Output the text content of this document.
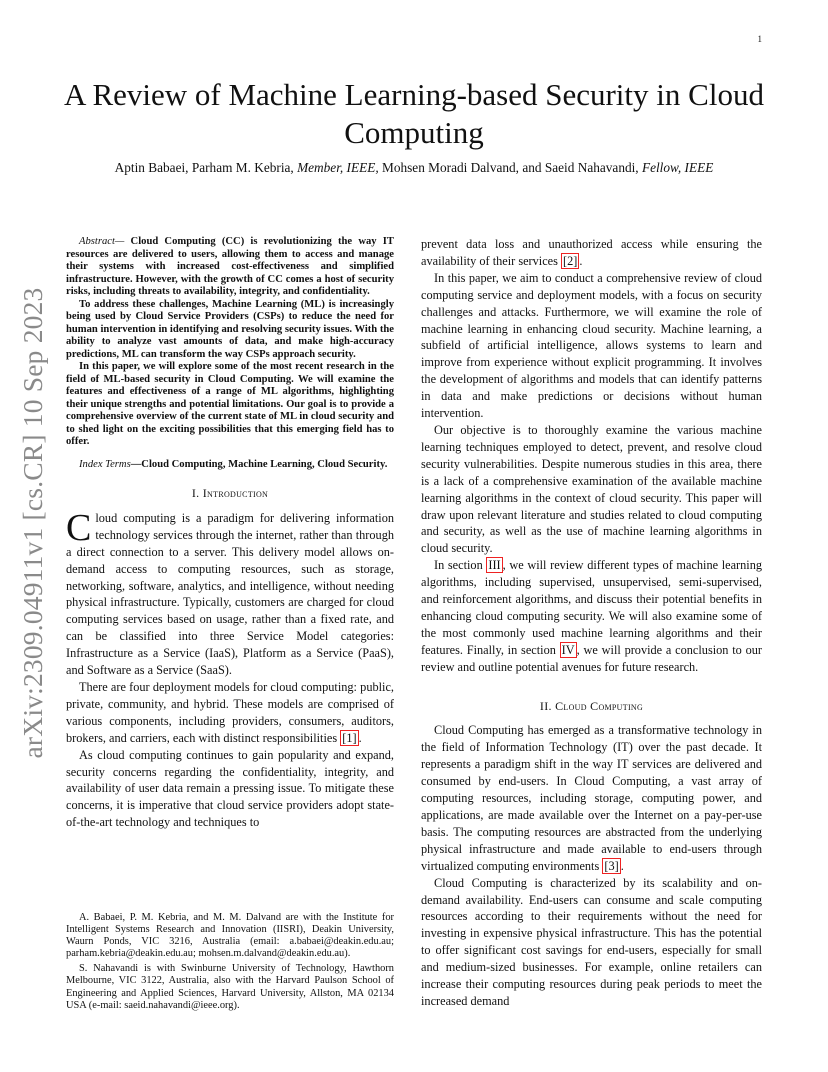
1
arXiv:2309.04911v1 [cs.CR] 10 Sep 2023
A Review of Machine Learning-based Security in Cloud Computing
Aptin Babaei, Parham M. Kebria, Member, IEEE, Mohsen Moradi Dalvand, and Saeid Nahavandi, Fellow, IEEE

Abstract— Cloud Computing (CC) is revolutionizing the way IT resources are delivered to users, allowing them to access and manage their systems with increased cost-effectiveness and simplified infrastructure. However, with the growth of CC comes a host of security risks, including threats to availability, integrity, and confidentiality.

To address these challenges, Machine Learning (ML) is increasingly being used by Cloud Service Providers (CSPs) to reduce the need for human intervention in identifying and resolving security issues. With the ability to analyze vast amounts of data, and make high-accuracy predictions, ML can transform the way CSPs approach security.

In this paper, we will explore some of the most recent research in the field of ML-based security in Cloud Computing. We will examine the features and effectiveness of a range of ML algorithms, highlighting their unique strengths and potential limitations. Our goal is to provide a comprehensive overview of the current state of ML in cloud security and to shed light on the exciting possibilities that this emerging field has to offer.

Index Terms—Cloud Computing, Machine Learning, Cloud Security.

I. Introduction

Cloud computing is a paradigm for delivering information technology services through the internet, rather than through a direct connection to a server. This delivery model allows on-demand access to computing resources, such as storage, networking, software, analytics, and intelligence, without needing physical infrastructure. Typically, customers are charged for cloud computing services based on usage, rather than a fixed rate, and can be classified into three Service Model categories: Infrastructure as a Service (IaaS), Platform as a Service (PaaS), and Software as a Service (SaaS).

There are four deployment models for cloud computing: public, private, community, and hybrid. These models are comprised of various components, including providers, consumers, auditors, brokers, and carriers, each with distinct responsibilities [1] .

As cloud computing continues to gain popularity and expand, security concerns regarding the confidentiality, integrity, and availability of user data remain a pressing issue. To mitigate these concerns, it is imperative that cloud service providers adopt state-of-the-art technology and techniques to

A. Babaei, P. M. Kebria, and M. M. Dalvand are with the Institute for Intelligent Systems Research and Innovation (IISRI), Deakin University, Waurn Ponds, VIC 3216, Australia (email: a.babaei@deakin.edu.au; parham.kebria@deakin.edu.au; mohsen.m.dalvand@deakin.edu.au).

S. Nahavandi is with Swinburne University of Technology, Hawthorn Melbourne, VIC 3122, Australia, also with the Harvard Paulson School of Engineering and Applied Sciences, Harvard University, Allston, MA 02134 USA (e-mail: saeid.nahavandi@ieee.org).

prevent data loss and unauthorized access while ensuring the availability of their services [2] .

In this paper, we aim to conduct a comprehensive review of cloud computing service and deployment models, with a focus on security challenges and attacks. Furthermore, we will examine the role of machine learning in enhancing cloud security. Machine learning, a subfield of artificial intelligence, allows systems to learn and improve from experience without explicit programming. It involves the development of algorithms and models that can identify patterns in data and make predictions or decisions without human intervention.

Our objective is to thoroughly examine the various machine learning techniques employed to detect, prevent, and resolve cloud security vulnerabilities. Despite numerous studies in this area, there is a lack of a comprehensive examination of the available machine learning algorithms in the context of cloud security. This paper will draw upon relevant literature and studies related to cloud computing and security, as well as the use of machine learning algorithms in cloud security.

In section III , we will review different types of machine learning algorithms, including supervised, unsupervised, semi-supervised, and reinforcement algorithms, and discuss their potential benefits in enhancing cloud computing security. We will also examine some of the most commonly used machine learning algorithms and their features. Finally, in section IV , we will provide a conclusion to our review and outline potential avenues for future research.

II. Cloud Computing

Cloud Computing has emerged as a transformative technology in the field of Information Technology (IT) over the past decade. It represents a paradigm shift in the way IT services are delivered and consumed by end-users. In Cloud Computing, a vast array of computing resources, including storage, computing power, and applications, are made available over the Internet on a pay-per-use basis. The computing resources are abstracted from the underlying physical infrastructure and made available to end-users through virtualized computing environments [3] .

Cloud Computing is characterized by its scalability and on-demand availability. End-users can consume and scale computing resources according to their requirements without the need for investing in expensive physical infrastructure. This has the potential to offer significant cost savings for end-users, especially for small and medium-sized businesses. For example, online retailers can increase their computing resources during peak periods to meet the increased demand
